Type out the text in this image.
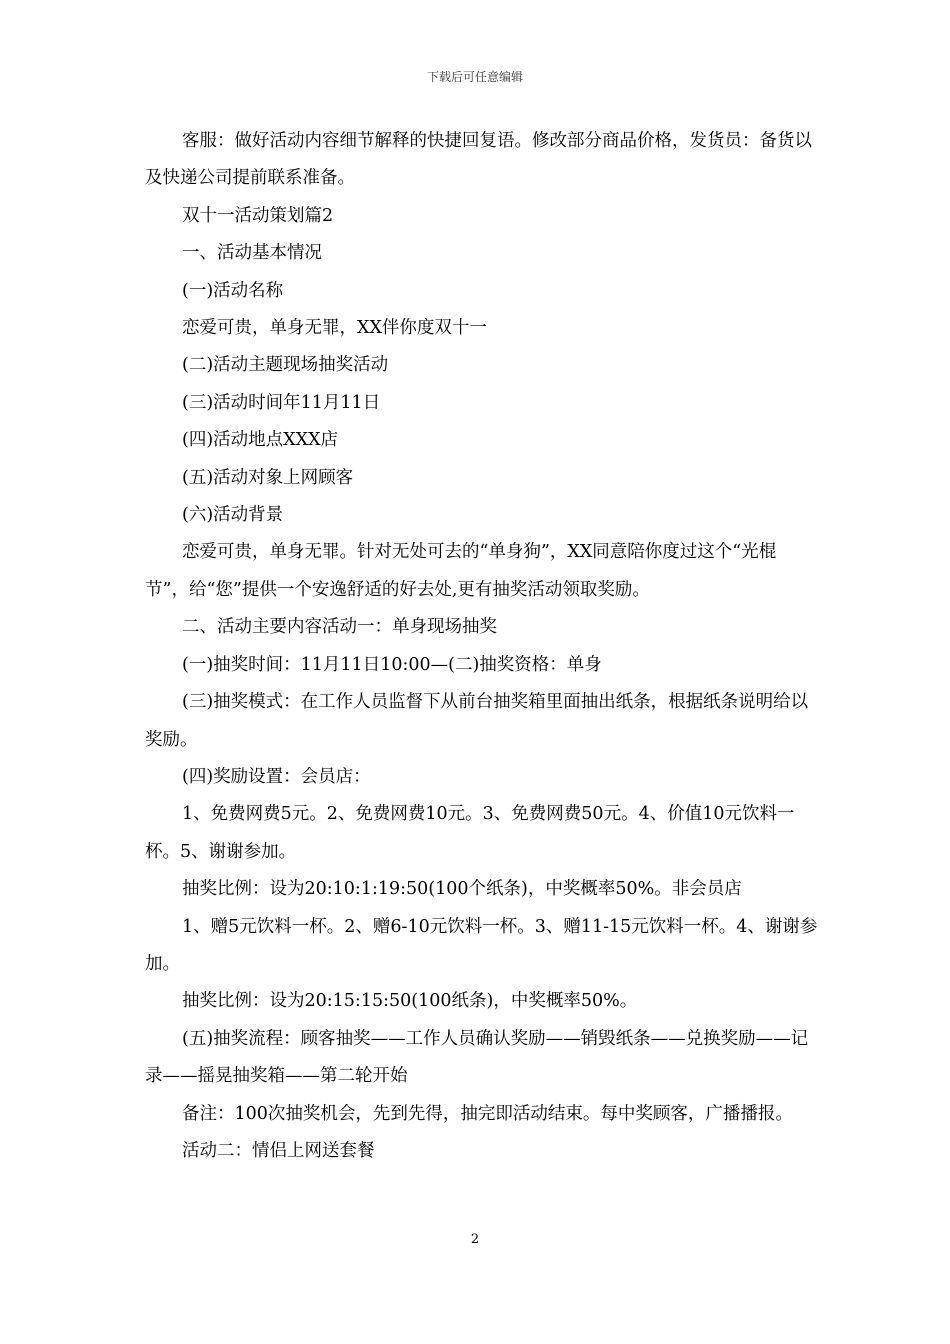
下载后可任意编辑

客服：做好活动内容细节解释的快捷回复语。修改部分商品价格，发货员：备货以及快递公司提前联系准备。

双十一活动策划篇2

一、活动基本情况

(一)活动名称

恋爱可贵，单身无罪，XX伴你度双十一

(二)活动主题现场抽奖活动

(三)活动时间年11月11日

(四)活动地点XXX店

(五)活动对象上网顾客

(六)活动背景

恋爱可贵，单身无罪。针对无处可去的“单身狗”，XX同意陪你度过这个“光棍节”，给“您”提供一个安逸舒适的好去处,更有抽奖活动领取奖励。

二、活动主要内容活动一：单身现场抽奖

(一)抽奖时间：11月11日10:00—(二)抽奖资格：单身

(三)抽奖模式：在工作人员监督下从前台抽奖箱里面抽出纸条，根据纸条说明给以奖励。

(四)奖励设置：会员店：

1、免费网费5元。2、免费网费10元。3、免费网费50元。4、价值10元饮料一杯。5、谢谢参加。

抽奖比例：设为20:10:1:19:50(100个纸条)，中奖概率50%。非会员店

1、赠5元饮料一杯。2、赠6-10元饮料一杯。3、赠11-15元饮料一杯。4、谢谢参加。

抽奖比例：设为20:15:15:50(100纸条)，中奖概率50%。

(五)抽奖流程：顾客抽奖——工作人员确认奖励——销毁纸条——兑换奖励——记录——摇晃抽奖箱——第二轮开始

备注：100次抽奖机会，先到先得，抽完即活动结束。每中奖顾客，广播播报。

活动二：情侣上网送套餐

2
